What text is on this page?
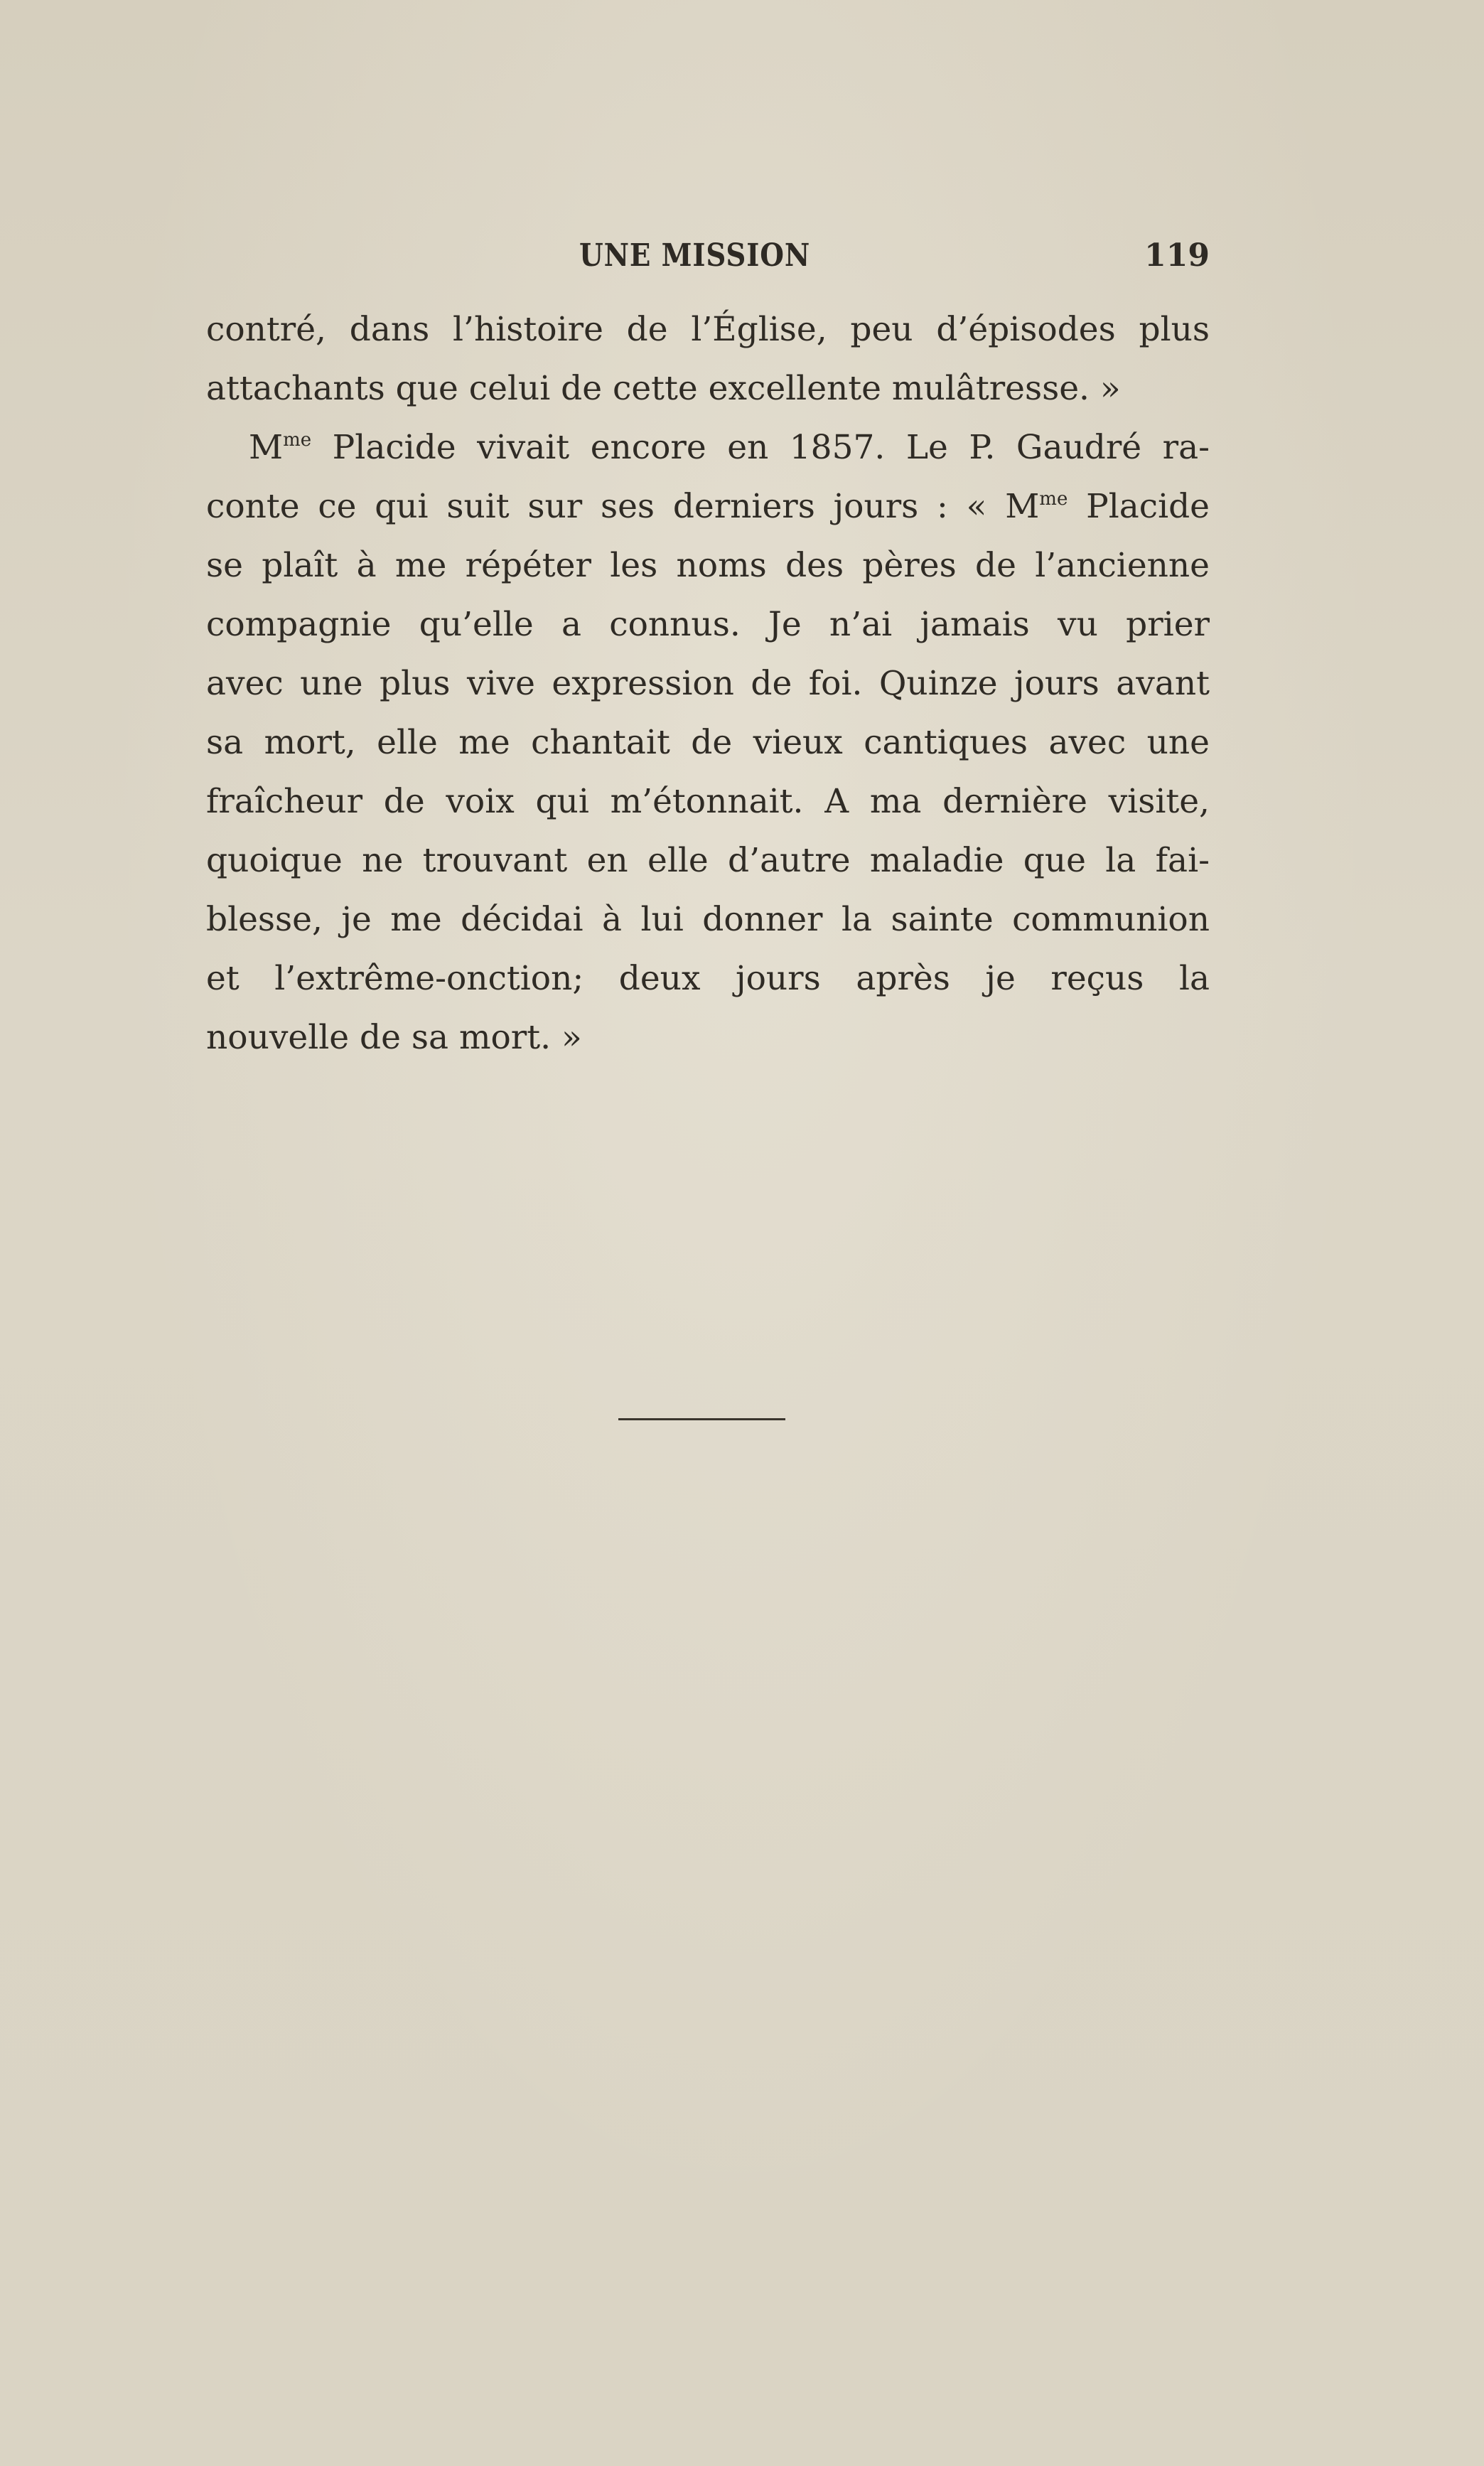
UNE MISSION	119
contré, dans l’histoire de l’Église, peu d’épisodes plus
attachants que celui de cette excellente mulâtresse. »
$M^{me}$ Placide vivait encore en 1857. Le P. Gaudré ra-
conte ce qui suit sur ses derniers jours : « $M^{me}$ Placide
se plaît à me répéter les noms des pères de l’ancienne
compagnie qu’elle a connus. Je n’ai jamais vu prier
avec une plus vive expression de foi. Quinze jours avant
sa mort, elle me chantait de vieux cantiques avec une
fraîcheur de voix qui m’étonnait. A ma dernière visite,
quoique ne trouvant en elle d’autre maladie que la fai-
blesse, je me décidai à lui donner la sainte communion
et l’extrême-onction; deux jours après je reçus la
nouvelle de sa mort. »
